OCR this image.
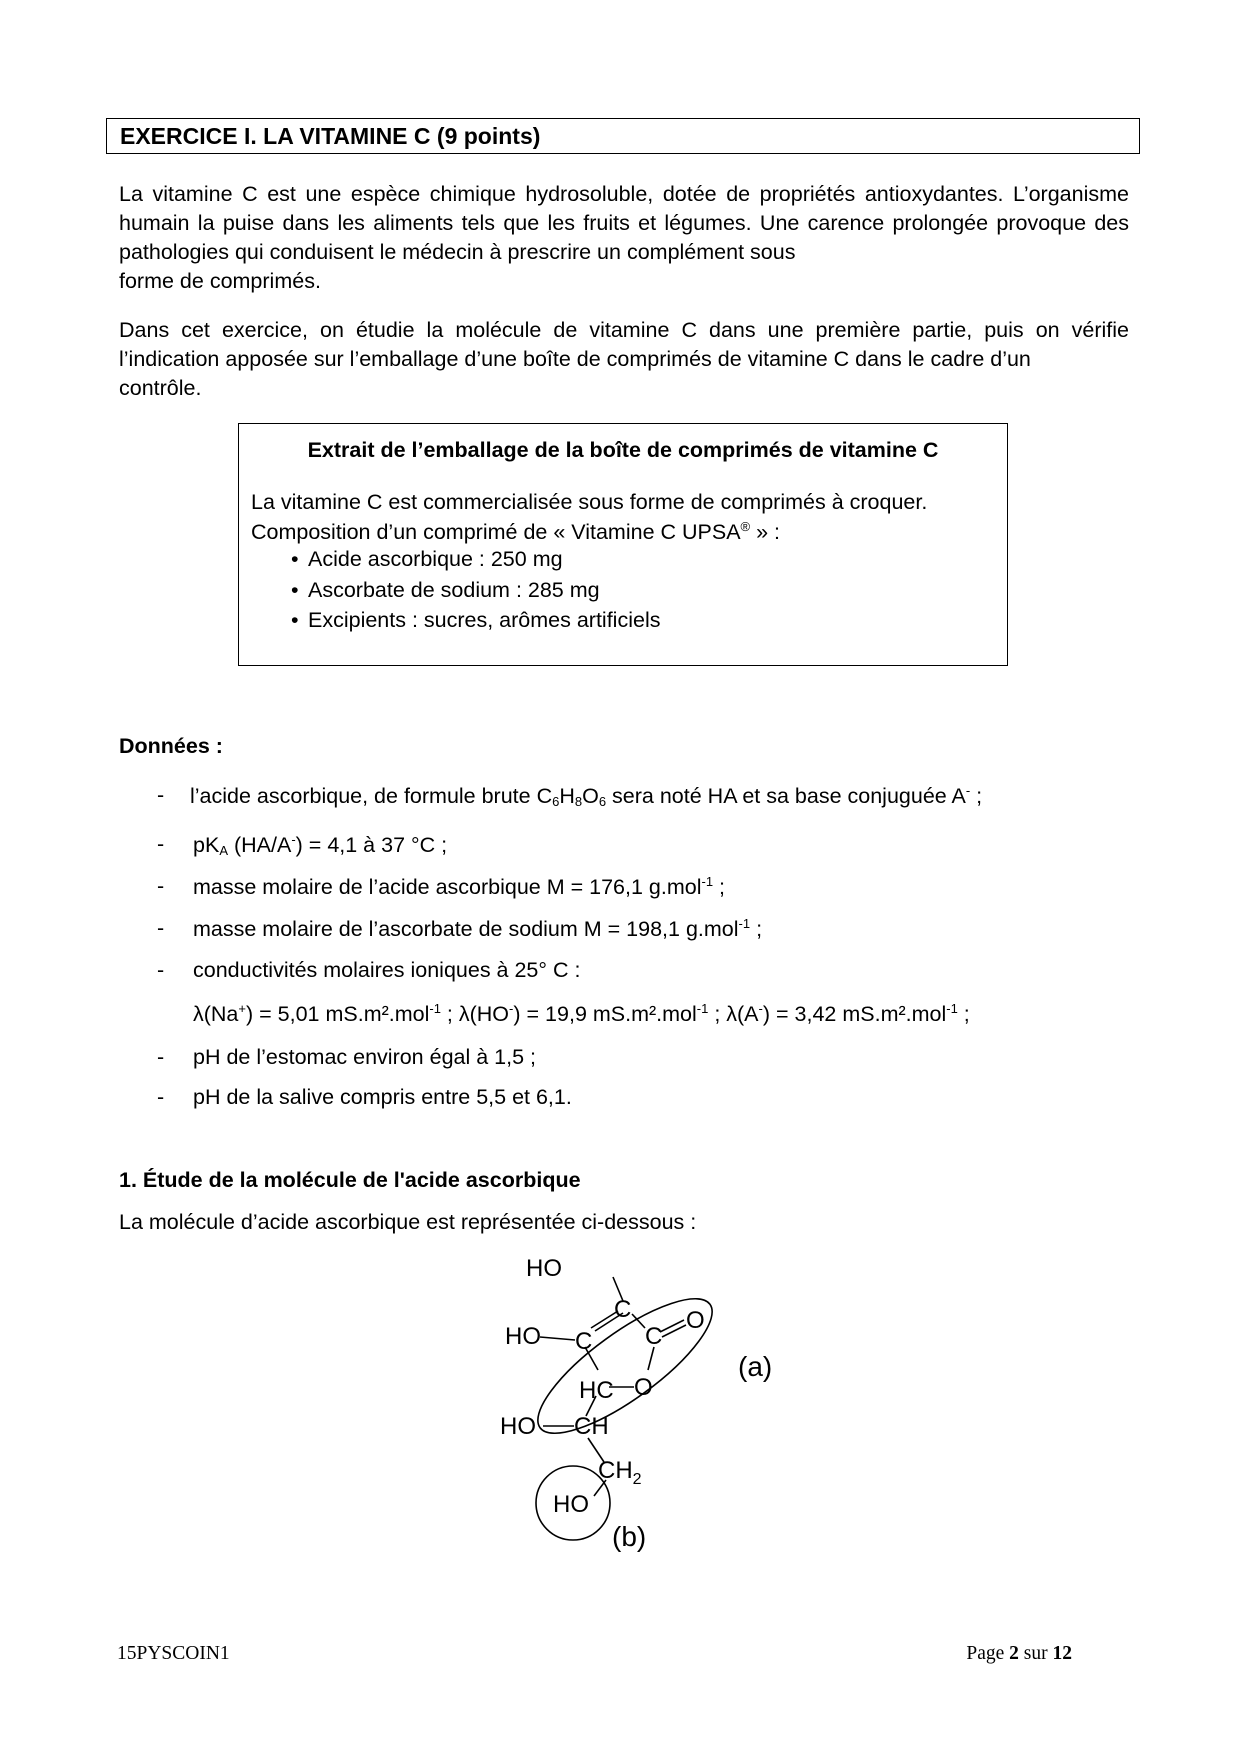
EXERCICE I. LA VITAMINE C (9 points)

La vitamine C est une espèce chimique hydrosoluble, dotée de propriétés antioxydantes. L’organisme humain la puise dans les aliments tels que les fruits et légumes. Une carence prolongée provoque des pathologies qui conduisent le médecin à prescrire un complément sous
forme de comprimés.

Dans cet exercice, on étudie la molécule de vitamine C dans une première partie, puis on vérifie l’indication apposée sur l’emballage d’une boîte de comprimés de vitamine C dans le cadre d’un
contrôle.

Extrait de l’emballage de la boîte de comprimés de vitamine C
La vitamine C est commercialisée sous forme de comprimés à croquer.
Composition d’un comprimé de « Vitamine C UPSA® » :
• Acide ascorbique : 250 mg
• Ascorbate de sodium : 285 mg
• Excipients : sucres, arômes artificiels
Données :
- l’acide ascorbique, de formule brute $C_6H_8O_6$ sera noté HA et sa base conjuguée A- ;
- $pK_A$ (HA/A-) = 4,1 à 37 °C ;
- masse molaire de l’acide ascorbique M = 176,1 g.mol$^{-1}$ ;
- masse molaire de l’ascorbate de sodium M = 198,1 g.mol$^{-1}$ ;
- conductivités molaires ioniques à 25° C :
λ(Na+) = 5,01 mS.m².mol$^{-1}$ ; λ(HO-) = 19,9 mS.m².mol$^{-1}$ ; λ(A-) = 3,42 mS.m².mol$^{-1}$ ;
- pH de l’estomac environ égal à 1,5 ;
- pH de la salive compris entre 5,5 et 6,1.
1. Étude de la molécule de l'acide ascorbique
La molécule d’acide ascorbique est représentée ci-dessous :
HO
C O
HO C C
O
HC
HO CH
$CH_2$
HO
(a)
(b)
15PYSCOIN1	Page 2 sur 12
